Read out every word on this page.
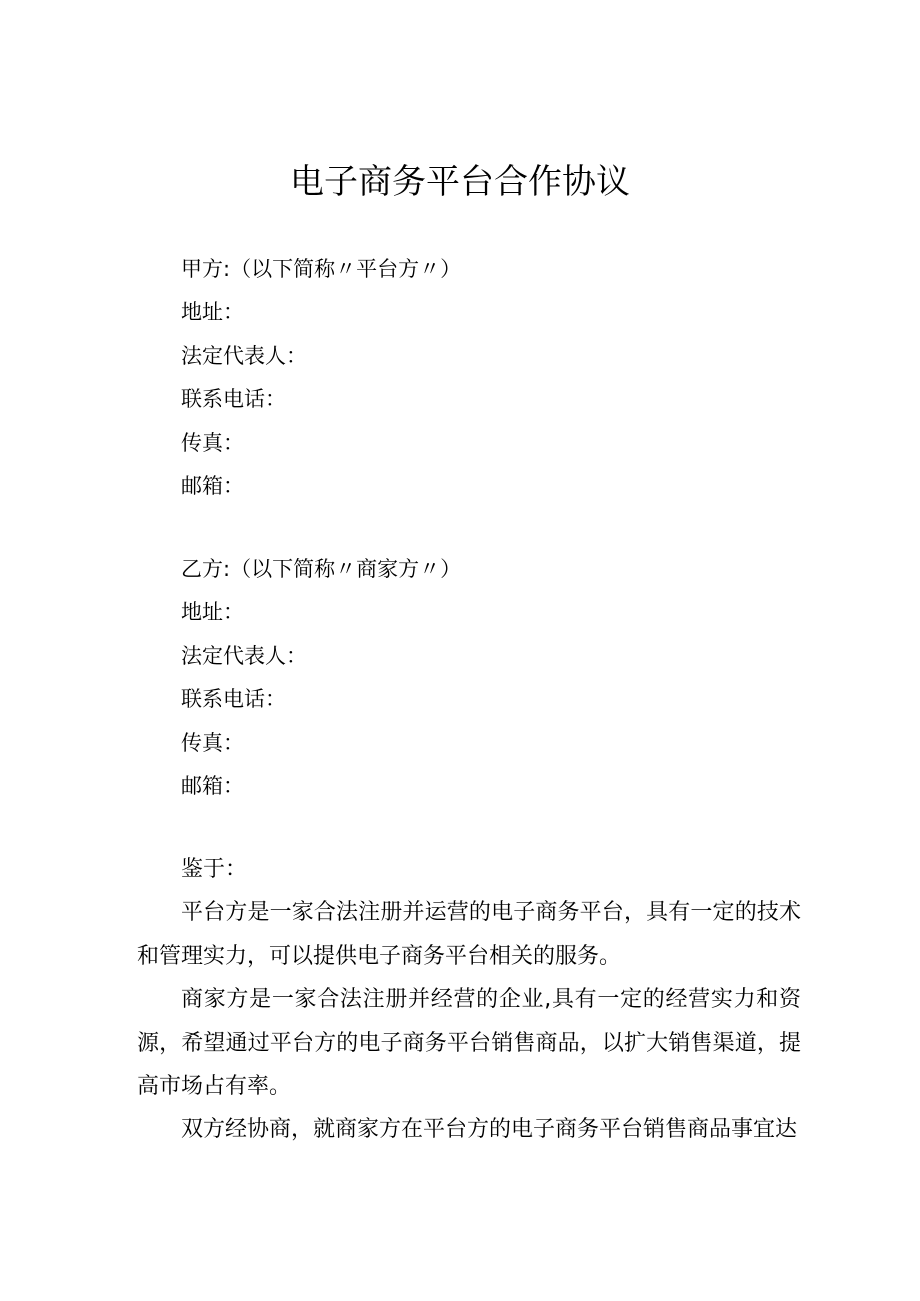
电子商务平台合作协议
甲方:（以下简称〃平台方〃）
地址：
法定代表人：
联系电话：
传真：
邮箱：
乙方:（以下简称〃商家方〃）
地址：
法定代表人：
联系电话：
传真：
邮箱：

鉴于：

平台方是一家合法注册并运营的电子商务平台，具有一定的技术和管理实力，可以提供电子商务平台相关的服务。

商家方是一家合法注册并经营的企业,具有一定的经营实力和资源，希望通过平台方的电子商务平台销售商品，以扩大销售渠道，提高市场占有率。

双方经协商，就商家方在平台方的电子商务平台销售商品事宜达
